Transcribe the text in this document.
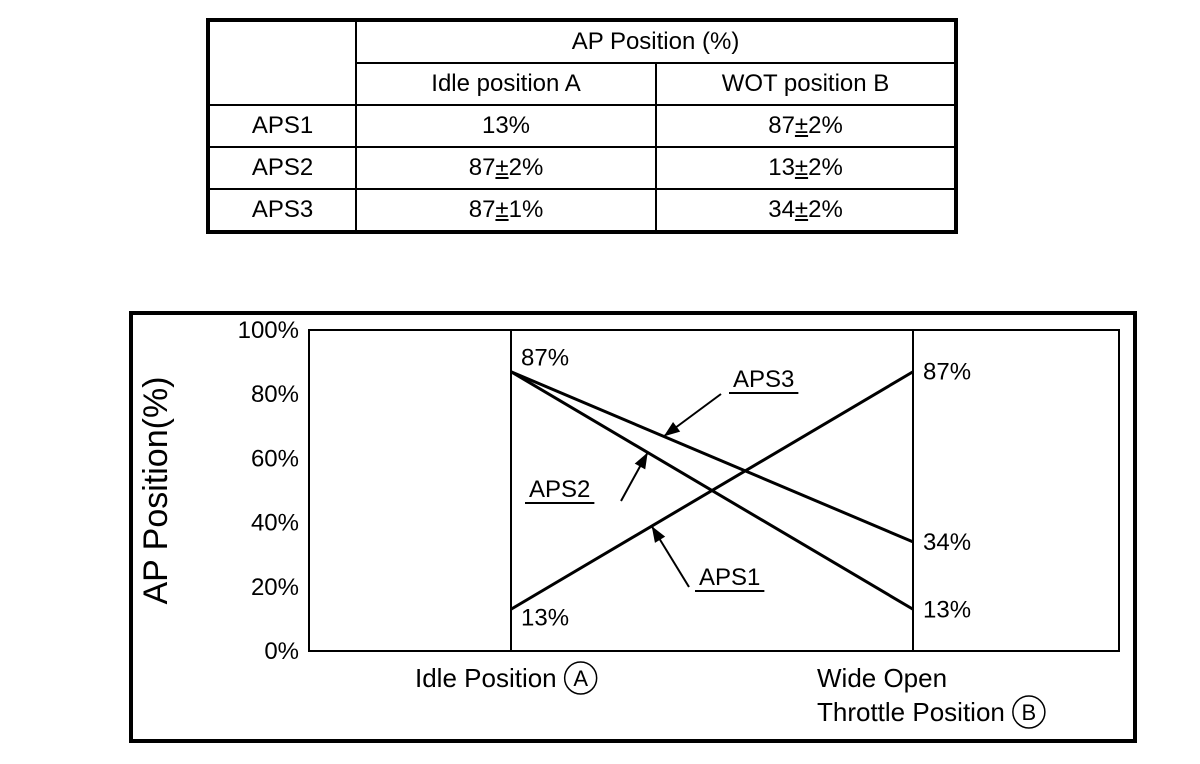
	AP Position (%)	
	Idle position A	WOT position B
APS1	13%	87±2%
APS2	87±2%	13±2%
APS3	87±1%	34±2%
100%
80%
60%
40%
20%
0%
AP Position(%)
Idle Position A	Wide Open
Throttle Position B
87%
13%
87%
34%
13%
APS1
APS2
APS3
